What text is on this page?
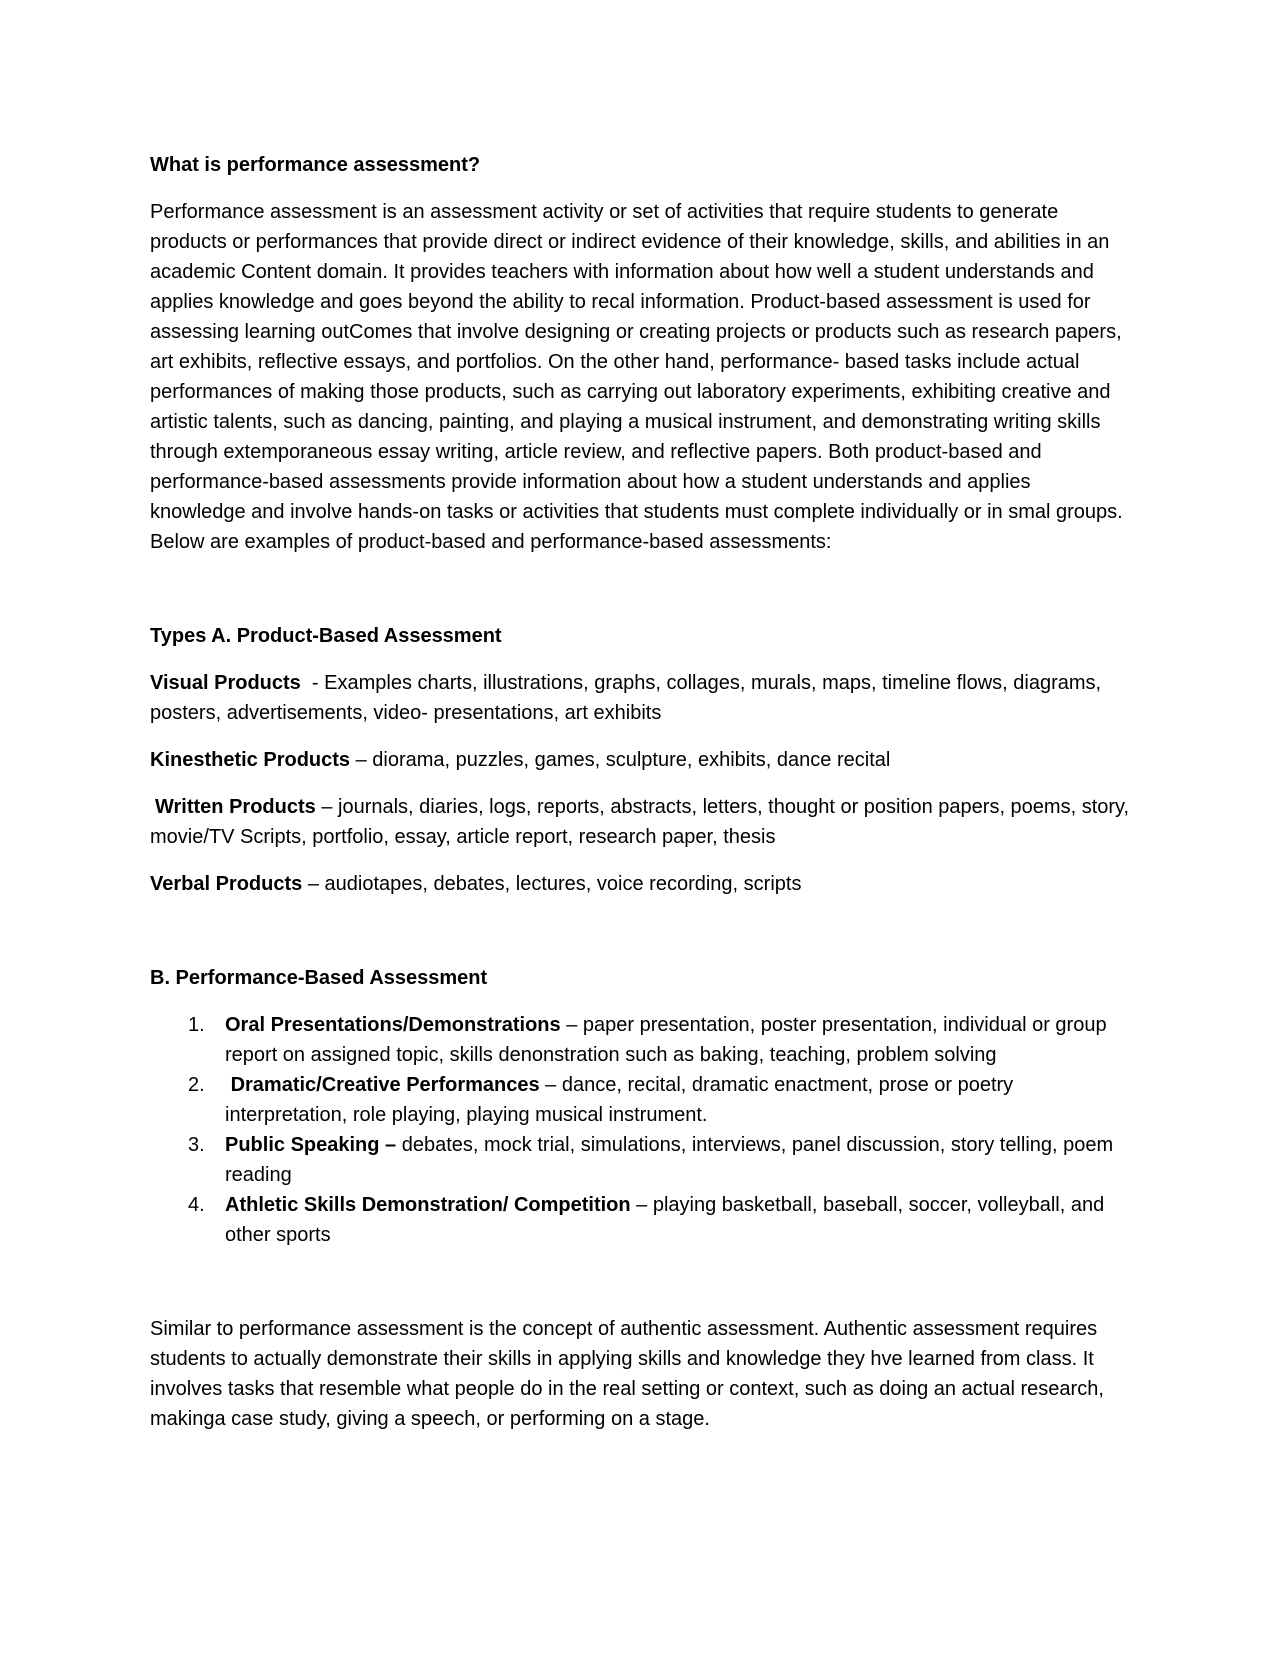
What is performance assessment?

Performance assessment is an assessment activity or set of activities that require students to generate products or performances that provide direct or indirect evidence of their knowledge, skills, and abilities in an academic Content domain. It provides teachers with information about how well a student understands and applies knowledge and goes beyond the ability to recal information. Product-based assessment is used for assessing learning outComes that involve designing or creating projects or products such as research papers, art exhibits, reflective essays, and portfolios. On the other hand, performance- based tasks include actual performances of making those products, such as carrying out laboratory experiments, exhibiting creative and artistic talents, such as dancing, painting, and playing a musical instrument, and demonstrating writing skills through extemporaneous essay writing, article review, and reflective papers. Both product-based and performance-based assessments provide information about how a student understands and applies knowledge and involve hands-on tasks or activities that students must complete individually or in smal groups. Below are examples of product-based and performance-based assessments:

Types A. Product-Based Assessment

Visual Products  - Examples charts, illustrations, graphs, collages, murals, maps, timeline flows, diagrams, posters, advertisements, video- presentations, art exhibits

Kinesthetic Products – diorama, puzzles, games, sculpture, exhibits, dance recital

Written Products – journals, diaries, logs, reports, abstracts, letters, thought or position papers, poems, story, movie/TV Scripts, portfolio, essay, article report, research paper, thesis

Verbal Products – audiotapes, debates, lectures, voice recording, scripts

B. Performance-Based Assessment

1. Oral Presentations/Demonstrations – paper presentation, poster presentation, individual or group report on assigned topic, skills denonstration such as baking, teaching, problem solving
2. Dramatic/Creative Performances – dance, recital, dramatic enactment, prose or poetry interpretation, role playing, playing musical instrument.
3. Public Speaking – debates, mock trial, simulations, interviews, panel discussion, story telling, poem reading
4. Athletic Skills Demonstration/ Competition – playing basketball, baseball, soccer, volleyball, and other sports

Similar to performance assessment is the concept of authentic assessment. Authentic assessment requires students to actually demonstrate their skills in applying skills and knowledge they hve learned from class. It involves tasks that resemble what people do in the real setting or context, such as doing an actual research, makinga case study, giving a speech, or performing on a stage.
